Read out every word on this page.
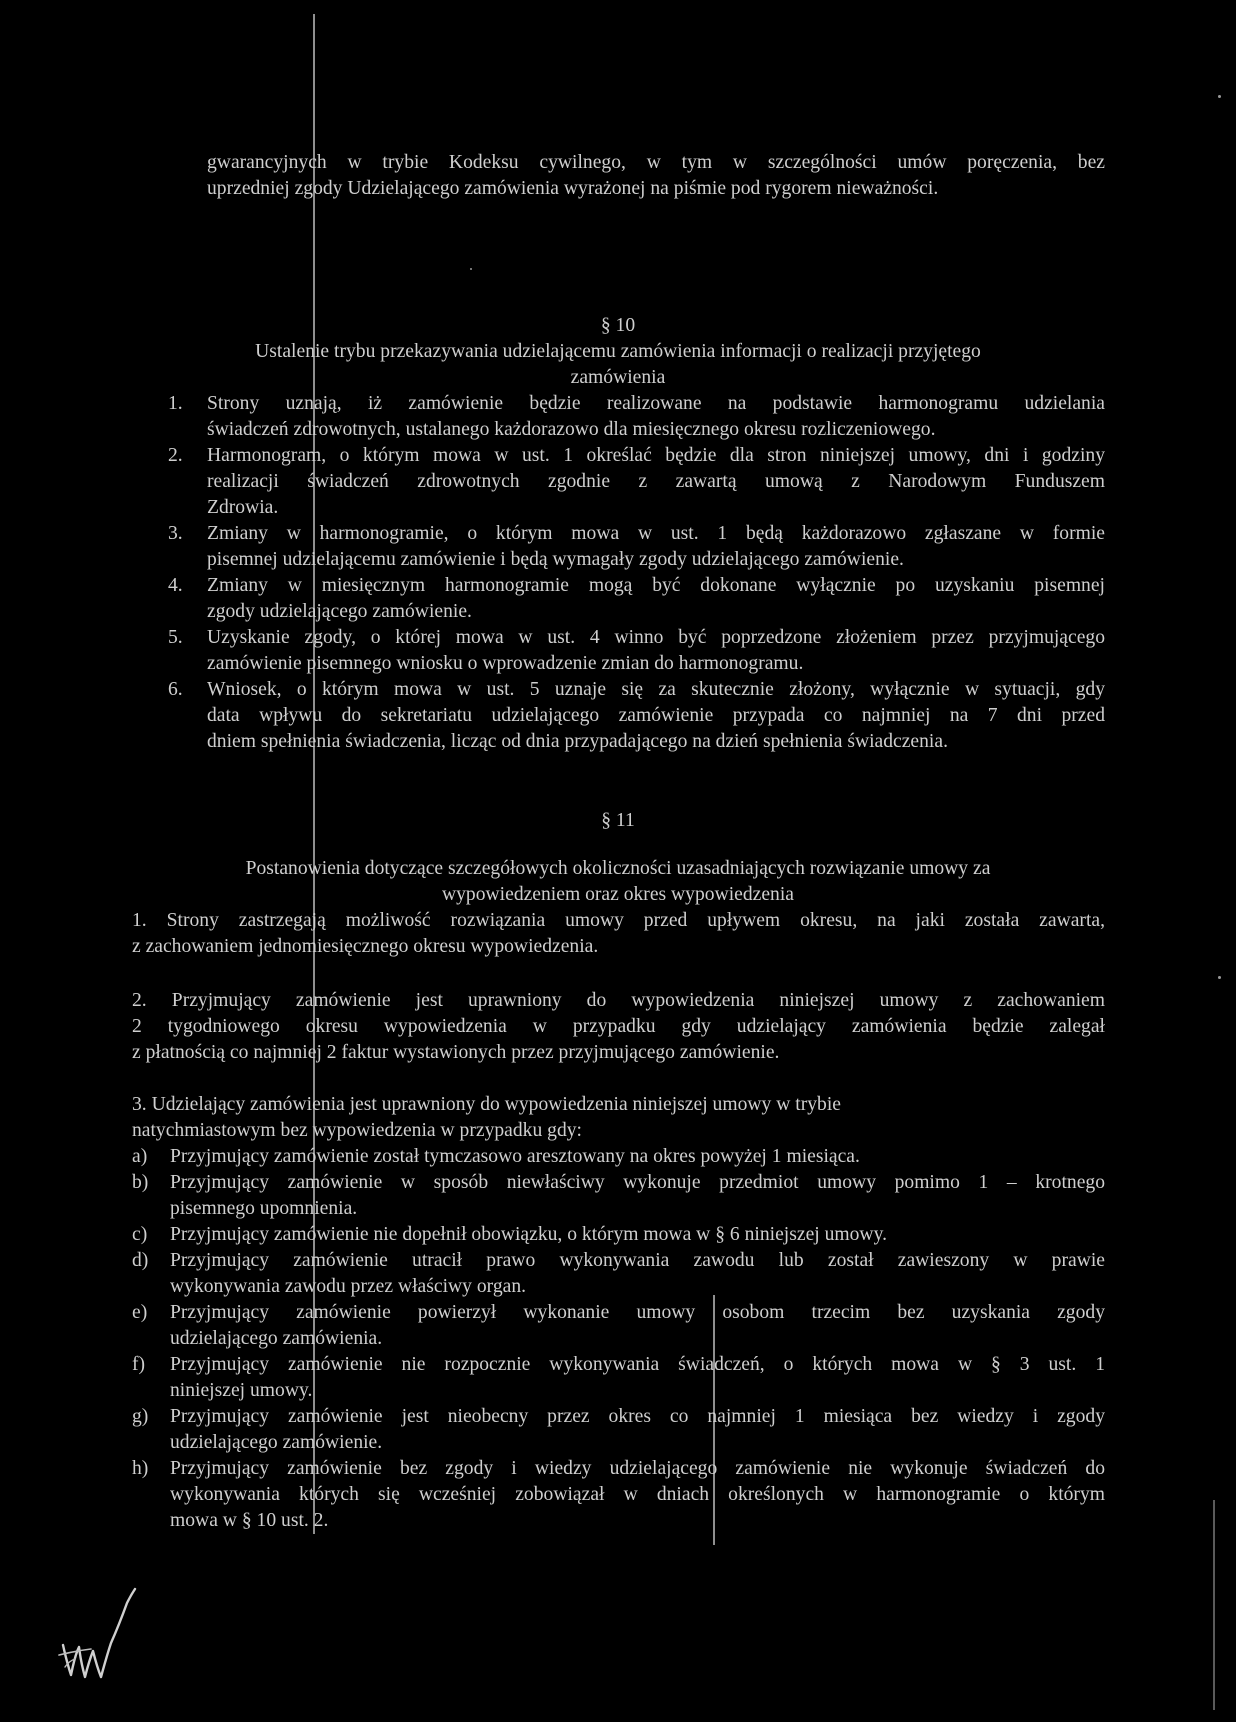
gwarancyjnych w trybie Kodeksu cywilnego, w tym w szczególności umów poręczenia, bez
uprzedniej zgody Udzielającego zamówienia wyrażonej na piśmie pod rygorem nieważności.
§ 10
Ustalenie trybu przekazywania udzielającemu zamówienia informacji o realizacji przyjętego
zamówienia
1. Strony uznają, iż zamówienie będzie realizowane na podstawie harmonogramu udzielania
świadczeń zdrowotnych, ustalanego każdorazowo dla miesięcznego okresu rozliczeniowego.
2. Harmonogram, o którym mowa w ust. 1 określać będzie dla stron niniejszej umowy, dni i godziny
realizacji świadczeń zdrowotnych zgodnie z zawartą umową z Narodowym Funduszem
Zdrowia.
3. Zmiany w harmonogramie, o którym mowa w ust. 1 będą każdorazowo zgłaszane w formie
pisemnej udzielającemu zamówienie i będą wymagały zgody udzielającego zamówienie.
4. Zmiany w miesięcznym harmonogramie mogą być dokonane wyłącznie po uzyskaniu pisemnej
zgody udzielającego zamówienie.
5. Uzyskanie zgody, o której mowa w ust. 4 winno być poprzedzone złożeniem przez przyjmującego
zamówienie pisemnego wniosku o wprowadzenie zmian do harmonogramu.
6. Wniosek, o którym mowa w ust. 5 uznaje się za skutecznie złożony, wyłącznie w sytuacji, gdy
data wpływu do sekretariatu udzielającego zamówienie przypada co najmniej na 7 dni przed
dniem spełnienia świadczenia, licząc od dnia przypadającego na dzień spełnienia świadczenia.
§ 11
Postanowienia dotyczące szczegółowych okoliczności uzasadniających rozwiązanie umowy za
wypowiedzeniem oraz okres wypowiedzenia
1. Strony zastrzegają możliwość rozwiązania umowy przed upływem okresu, na jaki została zawarta,
z zachowaniem jednomiesięcznego okresu wypowiedzenia.
2. Przyjmujący zamówienie jest uprawniony do wypowiedzenia niniejszej umowy z zachowaniem
2 tygodniowego okresu wypowiedzenia w przypadku gdy udzielający zamówienia będzie zalegał
z płatnością co najmniej 2 faktur wystawionych przez przyjmującego zamówienie.
3. Udzielający zamówienia jest uprawniony do wypowiedzenia niniejszej umowy w trybie
natychmiastowym bez wypowiedzenia w przypadku gdy:
a) Przyjmujący zamówienie został tymczasowo aresztowany na okres powyżej 1 miesiąca.
b) Przyjmujący zamówienie w sposób niewłaściwy wykonuje przedmiot umowy pomimo 1 – krotnego
pisemnego upomnienia.
c) Przyjmujący zamówienie nie dopełnił obowiązku, o którym mowa w § 6 niniejszej umowy.
d) Przyjmujący zamówienie utracił prawo wykonywania zawodu lub został zawieszony w prawie
wykonywania zawodu przez właściwy organ.
e) Przyjmujący zamówienie powierzył wykonanie umowy osobom trzecim bez uzyskania zgody
udzielającego zamówienia.
f) Przyjmujący zamówienie nie rozpocznie wykonywania świadczeń, o których mowa w § 3 ust. 1
niniejszej umowy.
g) Przyjmujący zamówienie jest nieobecny przez okres co najmniej 1 miesiąca bez wiedzy i zgody
udzielającego zamówienie.
h) Przyjmujący zamówienie bez zgody i wiedzy udzielającego zamówienie nie wykonuje świadczeń do
wykonywania których się wcześniej zobowiązał w dniach określonych w harmonogramie o którym
mowa w § 10 ust. 2.
